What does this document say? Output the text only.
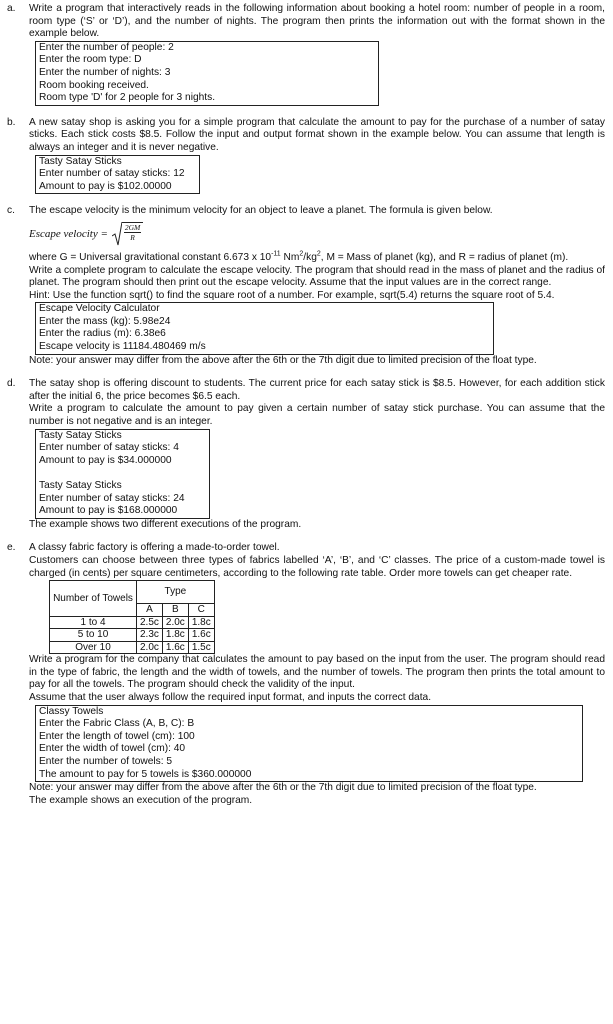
a.	Write a program that interactively reads in the following information about booking a hotel room: number of people in a room, room type (‘S’ or ‘D’), and the number of nights. The program then prints the information out with the format shown in the example below.

Enter the number of people: 2
Enter the room type: D
Enter the number of nights: 3
Room booking received.
Room type 'D' for 2 people for 3 nights.
b.	A new satay shop is asking you for a simple program that calculate the amount to pay for the purchase of a number of satay sticks. Each stick costs $8.5. Follow the input and output format shown in the example below. You can assume that length is always an integer and it is never negative.

Tasty Satay Sticks
Enter number of satay sticks: 12
Amount to pay is $102.00000
c.	The escape velocity is the minimum velocity for an object to leave a planet. The formula is given below.

Escape velocity = $\frac{2GM}{R}$

where G = Universal gravitational constant 6.673 x $10^{-11}$ $Nm^2/kg^2$, M = Mass of planet (kg), and R = radius of planet (m).

Write a complete program to calculate the escape velocity. The program that should read in the mass of planet and the radius of planet. The program should then print out the escape velocity. Assume that the input values are in the correct range.

Hint: Use the function sqrt() to find the square root of a number. For example, sqrt(5.4) returns the square root of 5.4.

Escape Velocity Calculator
Enter the mass (kg): 5.98e24
Enter the radius (m): 6.38e6
Escape velocity is 11184.480469 m/s

Note: your answer may differ from the above after the 6th or the 7th digit due to limited precision of the float type.

d.	The satay shop is offering discount to students. The current price for each satay stick is $8.5. However, for each addition stick after the initial 6, the price becomes $6.5 each.

Write a program to calculate the amount to pay given a certain number of satay stick purchase. You can assume that the number is not negative and is an integer.

Tasty Satay Sticks
Enter number of satay sticks: 4
Amount to pay is $34.000000
Tasty Satay Sticks
Enter number of satay sticks: 24
Amount to pay is $168.000000

The example shows two different executions of the program.

e.	A classy fabric factory is offering a made-to-order towel.

Customers can choose between three types of fabrics labelled ‘A’, ‘B’, and ‘C’ classes. The price of a custom-made towel is charged (in cents) per square centimeters, according to the following rate table. Order more towels can get cheaper rate.

Number of Towels	Type		
	A	B	C
1 to 4	2.5c	2.0c	1.8c
5 to 10	2.3c	1.8c	1.6c
Over 10	2.0c	1.6c	1.5c

Write a program for the company that calculates the amount to pay based on the input from the user. The program should read in the type of fabric, the length and the width of towels, and the number of towels. The program then prints the total amount to pay for all the towels. The program should check the validity of the input.

Assume that the user always follow the required input format, and inputs the correct data.

Classy Towels
Enter the Fabric Class (A, B, C): B
Enter the length of towel (cm): 100
Enter the width of towel (cm): 40
Enter the number of towels: 5
The amount to pay for 5 towels is $360.000000

Note: your answer may differ from the above after the 6th or the 7th digit due to limited precision of the float type.

The example shows an execution of the program.
